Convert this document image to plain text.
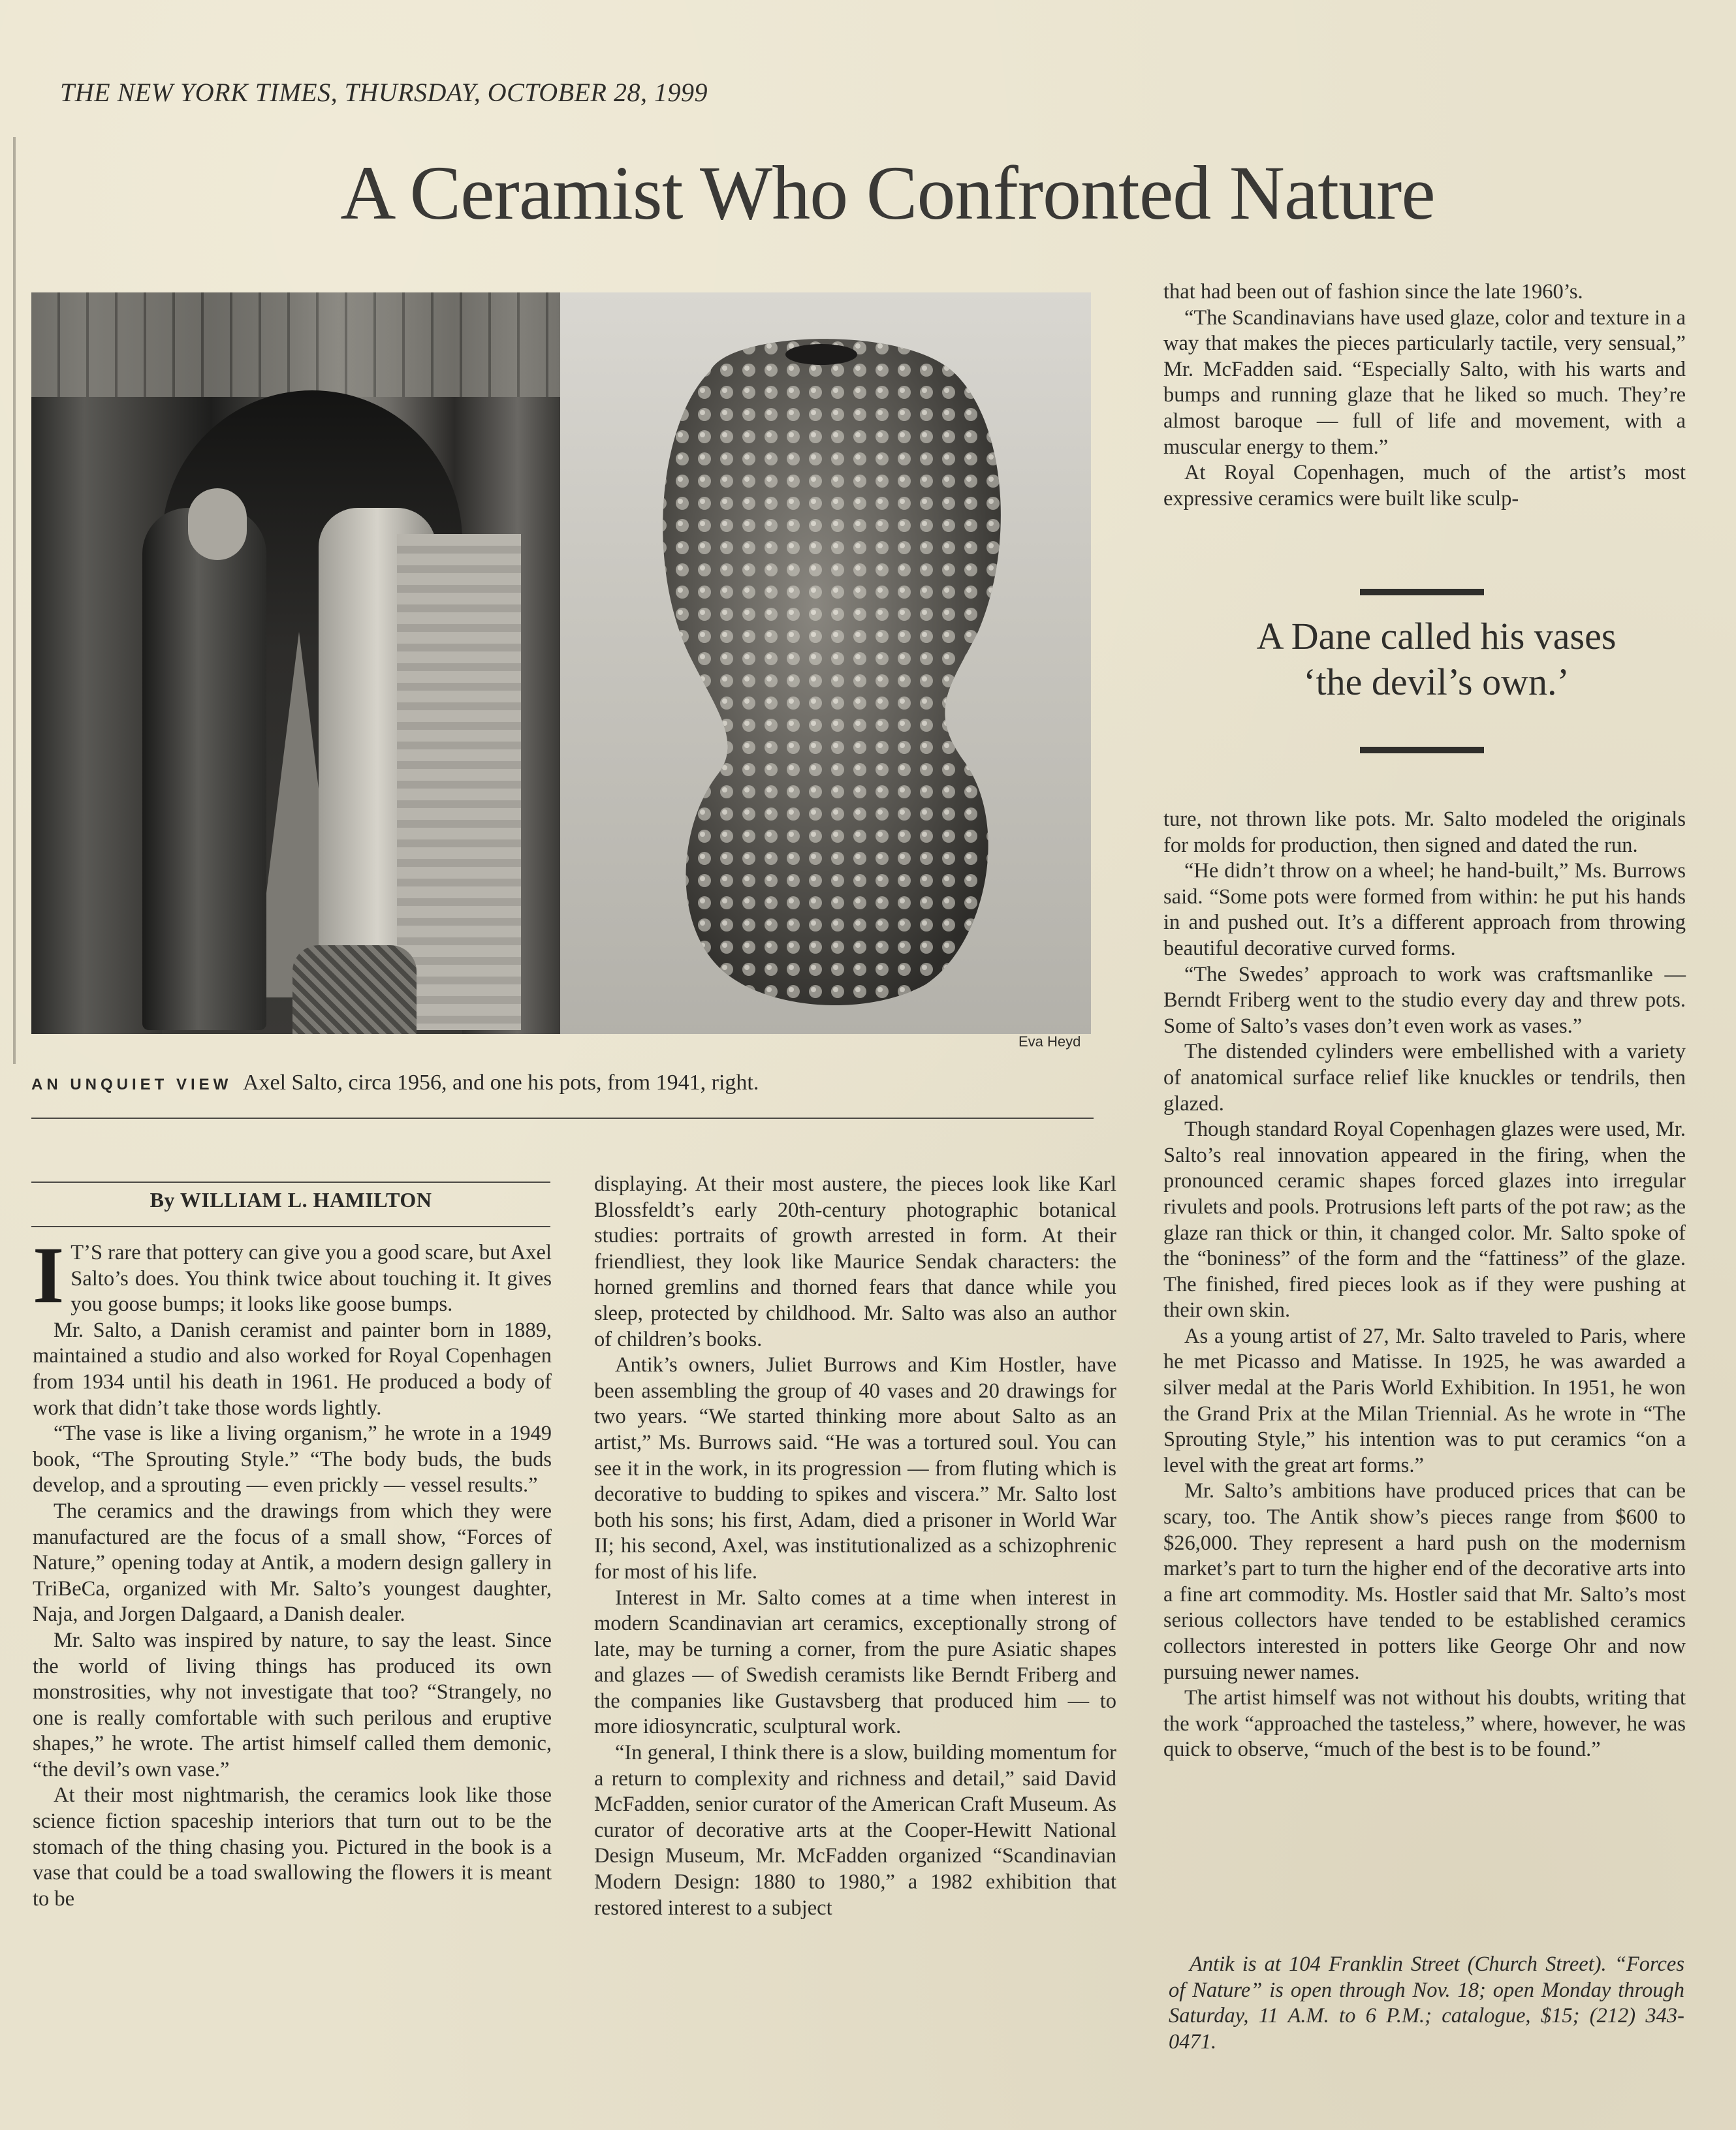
THE NEW YORK TIMES, THURSDAY, OCTOBER 28, 1999
A Ceramist Who Confronted Nature
Eva Heyd
AN UNQUIET VIEW Axel Salto, circa 1956, and one his pots, from 1941, right.
By WILLIAM L. HAMILTON

I T’S rare that pottery can give you a good scare, but Axel Salto’s does. You think twice about touching it. It gives you goose bumps; it looks like goose bumps.

Mr. Salto, a Danish ceramist and painter born in 1889, maintained a studio and also worked for Royal Copenhagen from 1934 until his death in 1961. He produced a body of work that didn’t take those words lightly.

“The vase is like a living organism,” he wrote in a 1949 book, “The Sprouting Style.” “The body buds, the buds develop, and a sprouting — even prickly — vessel results.”

The ceramics and the drawings from which they were manufactured are the focus of a small show, “Forces of Nature,” opening today at Antik, a modern design gallery in TriBeCa, organized with Mr. Salto’s youngest daughter, Naja, and Jorgen Dalgaard, a Danish dealer.

Mr. Salto was inspired by nature, to say the least. Since the world of living things has produced its own monstrosities, why not investigate that too? “Strangely, no one is really comfortable with such perilous and eruptive shapes,” he wrote. The artist himself called them demonic, “the devil’s own vase.”

At their most nightmarish, the ceramics look like those science fiction spaceship interiors that turn out to be the stomach of the thing chasing you. Pictured in the book is a vase that could be a toad swallowing the flowers it is meant to be

displaying. At their most austere, the pieces look like Karl Blossfeldt’s early 20th-century photographic botanical studies: portraits of growth arrested in form. At their friendliest, they look like Maurice Sendak characters: the horned gremlins and thorned fears that dance while you sleep, protected by childhood. Mr. Salto was also an author of children’s books.

Antik’s owners, Juliet Burrows and Kim Hostler, have been assembling the group of 40 vases and 20 drawings for two years. “We started thinking more about Salto as an artist,” Ms. Burrows said. “He was a tortured soul. You can see it in the work, in its progression — from fluting which is decorative to budding to spikes and viscera.” Mr. Salto lost both his sons; his first, Adam, died a prisoner in World War II; his second, Axel, was institutionalized as a schizophrenic for most of his life.

Interest in Mr. Salto comes at a time when interest in modern Scandinavian art ceramics, exceptionally strong of late, may be turning a corner, from the pure Asiatic shapes and glazes — of Swedish ceramists like Berndt Friberg and the companies like Gustavsberg that produced him — to more idiosyncratic, sculptural work.

“In general, I think there is a slow, building momentum for a return to complexity and richness and detail,” said David McFadden, senior curator of the American Craft Museum. As curator of decorative arts at the Cooper-Hewitt National Design Museum, Mr. McFadden organized “Scandinavian Modern Design: 1880 to 1980,” a 1982 exhibition that restored interest to a subject

that had been out of fashion since the late 1960’s.

“The Scandinavians have used glaze, color and texture in a way that makes the pieces particularly tactile, very sensual,” Mr. McFadden said. “Especially Salto, with his warts and bumps and running glaze that he liked so much. They’re almost baroque — full of life and movement, with a muscular energy to them.”

At Royal Copenhagen, much of the artist’s most expressive ceramics were built like sculp-

A Dane called his vases
‘the devil’s own.’

ture, not thrown like pots. Mr. Salto modeled the originals for molds for production, then signed and dated the run.

“He didn’t throw on a wheel; he hand-built,” Ms. Burrows said. “Some pots were formed from within: he put his hands in and pushed out. It’s a different approach from throwing beautiful decorative curved forms.

“The Swedes’ approach to work was craftsmanlike — Berndt Friberg went to the studio every day and threw pots. Some of Salto’s vases don’t even work as vases.”

The distended cylinders were embellished with a variety of anatomical surface relief like knuckles or tendrils, then glazed.

Though standard Royal Copenhagen glazes were used, Mr. Salto’s real innovation appeared in the firing, when the pronounced ceramic shapes forced glazes into irregular rivulets and pools. Protrusions left parts of the pot raw; as the glaze ran thick or thin, it changed color. Mr. Salto spoke of the “boniness” of the form and the “fattiness” of the glaze. The finished, fired pieces look as if they were pushing at their own skin.

As a young artist of 27, Mr. Salto traveled to Paris, where he met Picasso and Matisse. In 1925, he was awarded a silver medal at the Paris World Exhibition. In 1951, he won the Grand Prix at the Milan Triennial. As he wrote in “The Sprouting Style,” his intention was to put ceramics “on a level with the great art forms.”

Mr. Salto’s ambitions have produced prices that can be scary, too. The Antik show’s pieces range from $600 to $26,000. They represent a hard push on the modernism market’s part to turn the higher end of the decorative arts into a fine art commodity. Ms. Hostler said that Mr. Salto’s most serious collectors have tended to be established ceramics collectors interested in potters like George Ohr and now pursuing newer names.

The artist himself was not without his doubts, writing that the work “approached the tasteless,” where, however, he was quick to observe, “much of the best is to be found.”

Antik is at 104 Franklin Street (Church Street). “Forces of Nature” is open through Nov. 18; open Monday through Saturday, 11 A.M. to 6 P.M.; catalogue, $15; (212) 343-0471.
